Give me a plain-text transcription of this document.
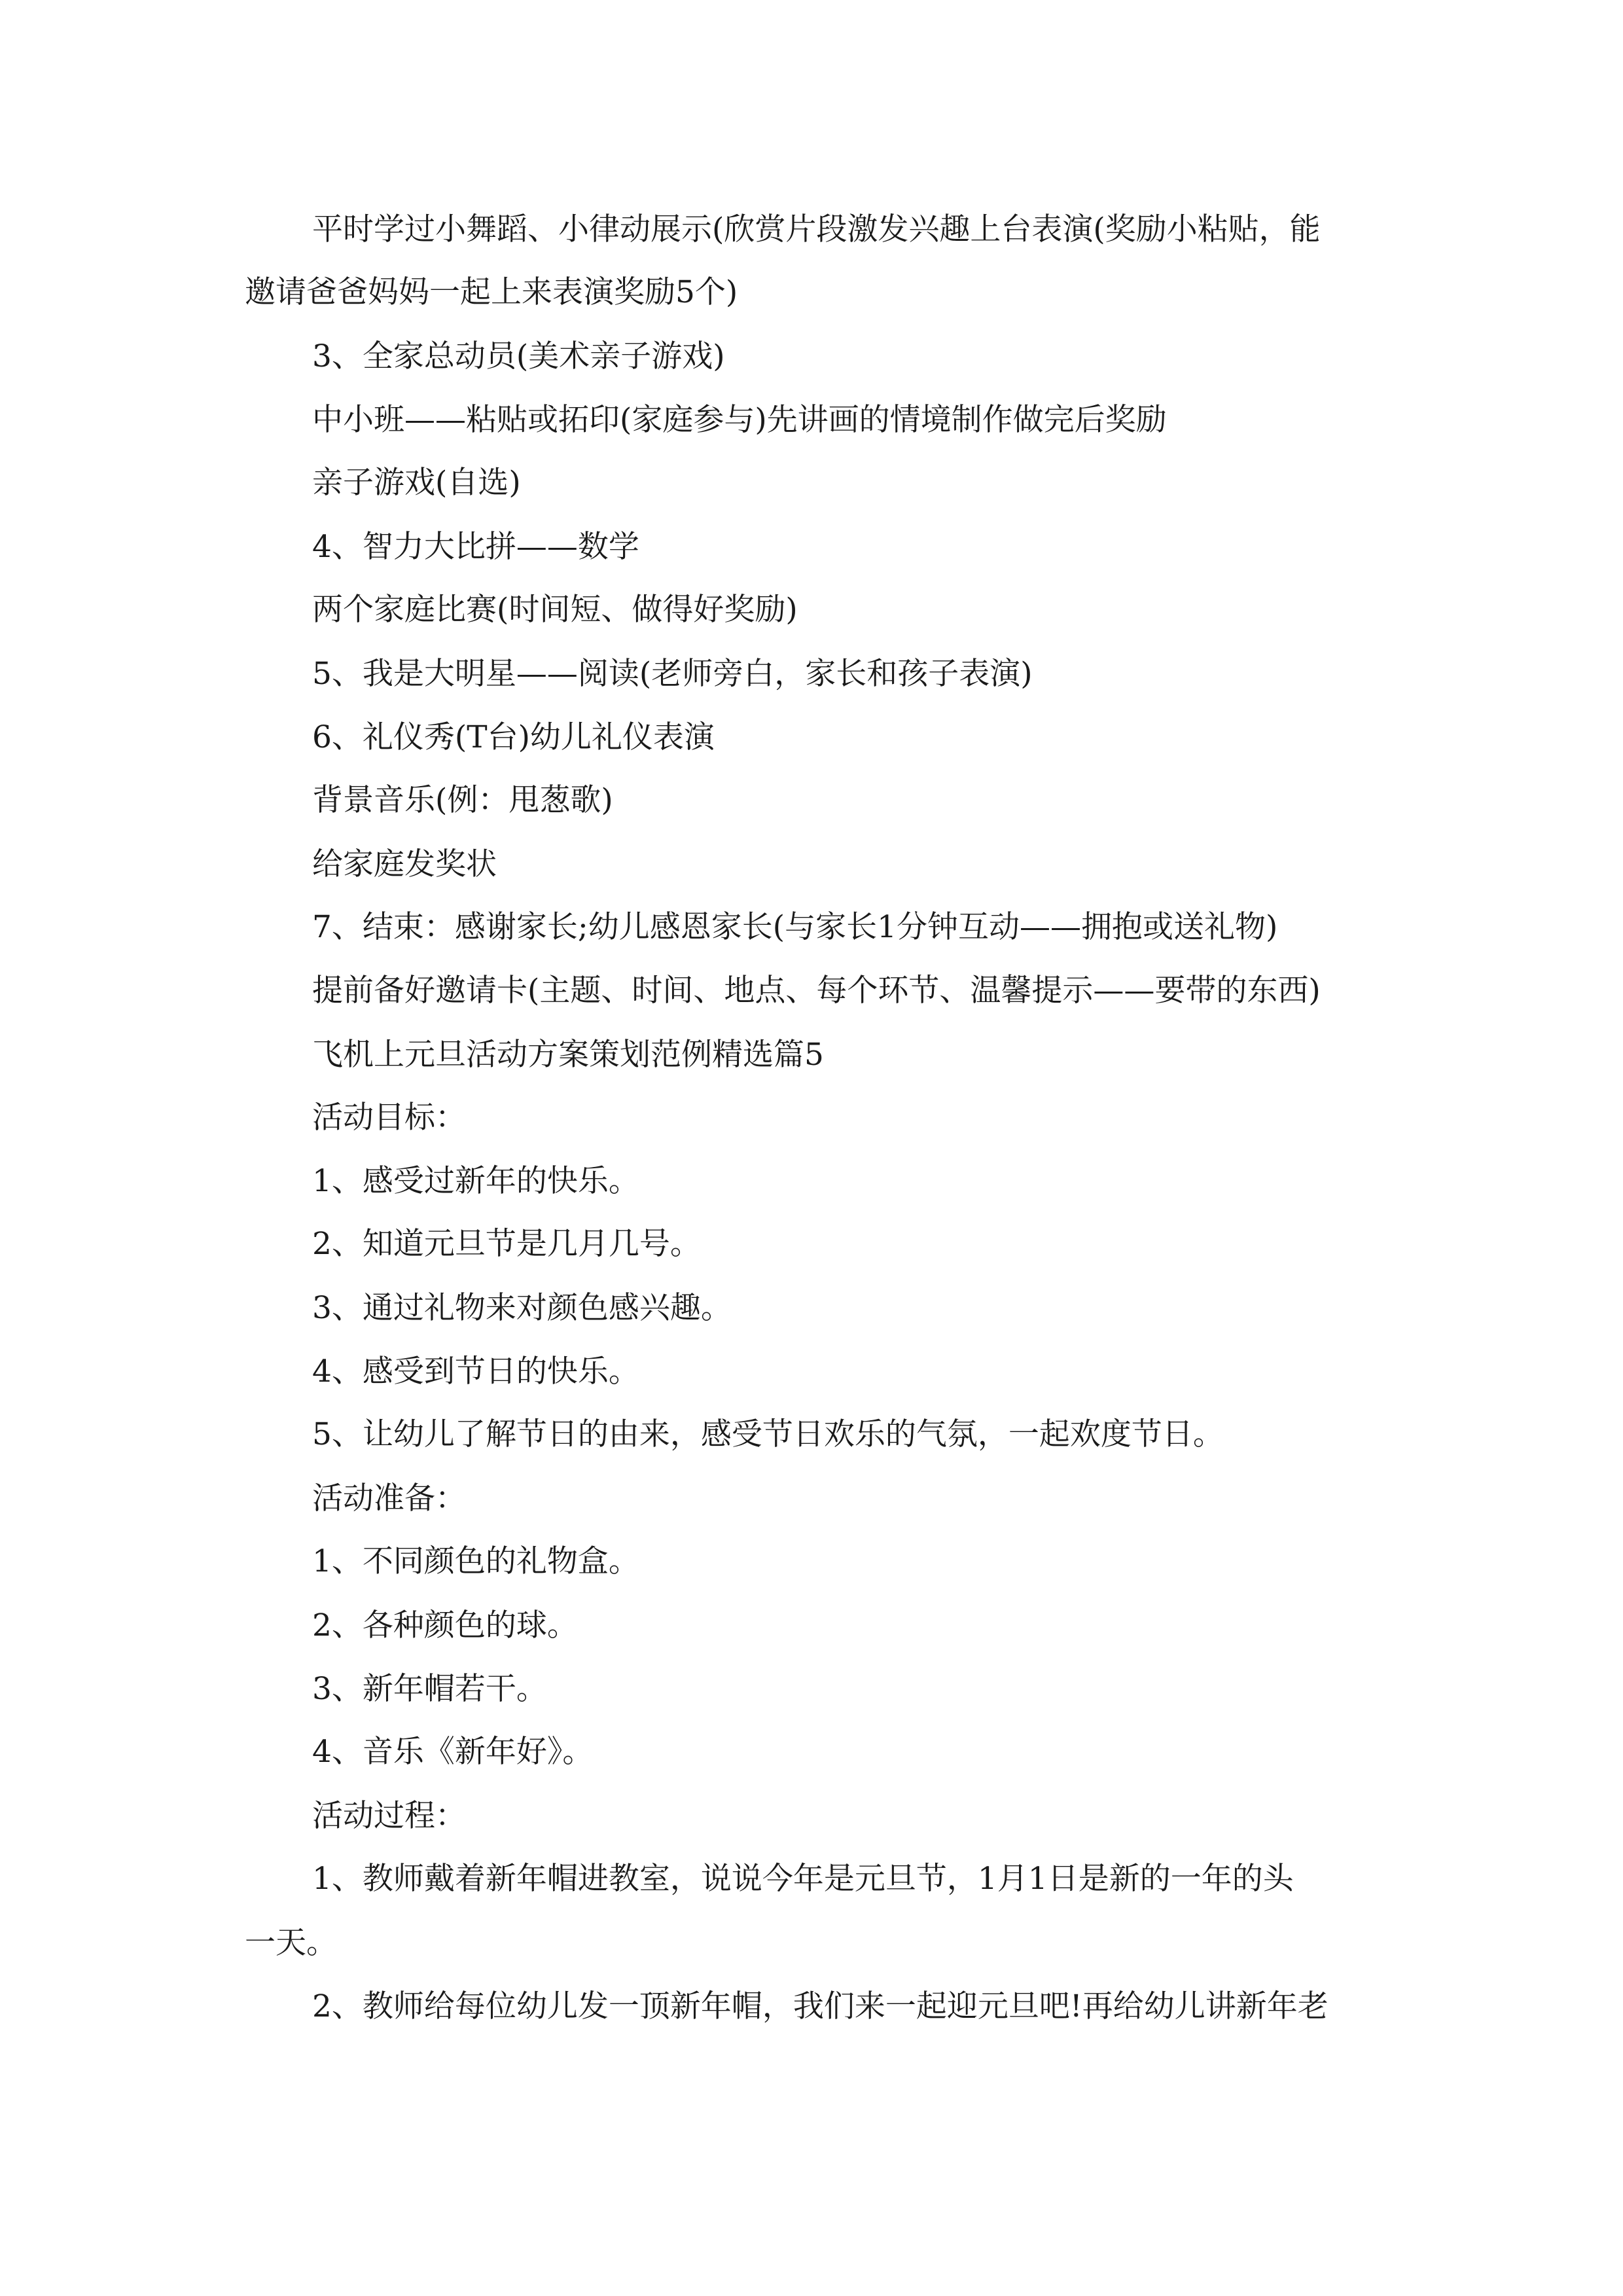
平时学过小舞蹈、小律动展示(欣赏片段激发兴趣上台表演(奖励小粘贴，能
邀请爸爸妈妈一起上来表演奖励5个)
3、全家总动员(美术亲子游戏)
中小班——粘贴或拓印(家庭参与)先讲画的情境制作做完后奖励
亲子游戏(自选)
4、智力大比拼——数学
两个家庭比赛(时间短、做得好奖励)
5、我是大明星——阅读(老师旁白，家长和孩子表演)
6、礼仪秀(T台)幼儿礼仪表演
背景音乐(例：甩葱歌)
给家庭发奖状
7、结束：感谢家长;幼儿感恩家长(与家长1分钟互动——拥抱或送礼物)
提前备好邀请卡(主题、时间、地点、每个环节、温馨提示——要带的东西)
飞机上元旦活动方案策划范例精选篇5
活动目标：
1、感受过新年的快乐。
2、知道元旦节是几月几号。
3、通过礼物来对颜色感兴趣。
4、感受到节日的快乐。
5、让幼儿了解节日的由来，感受节日欢乐的气氛，一起欢度节日。
活动准备：
1、不同颜色的礼物盒。
2、各种颜色的球。
3、新年帽若干。
4、音乐《新年好》。
活动过程：
1、教师戴着新年帽进教室，说说今年是元旦节，1月1日是新的一年的头
一天。
2、教师给每位幼儿发一顶新年帽，我们来一起迎元旦吧!再给幼儿讲新年老
